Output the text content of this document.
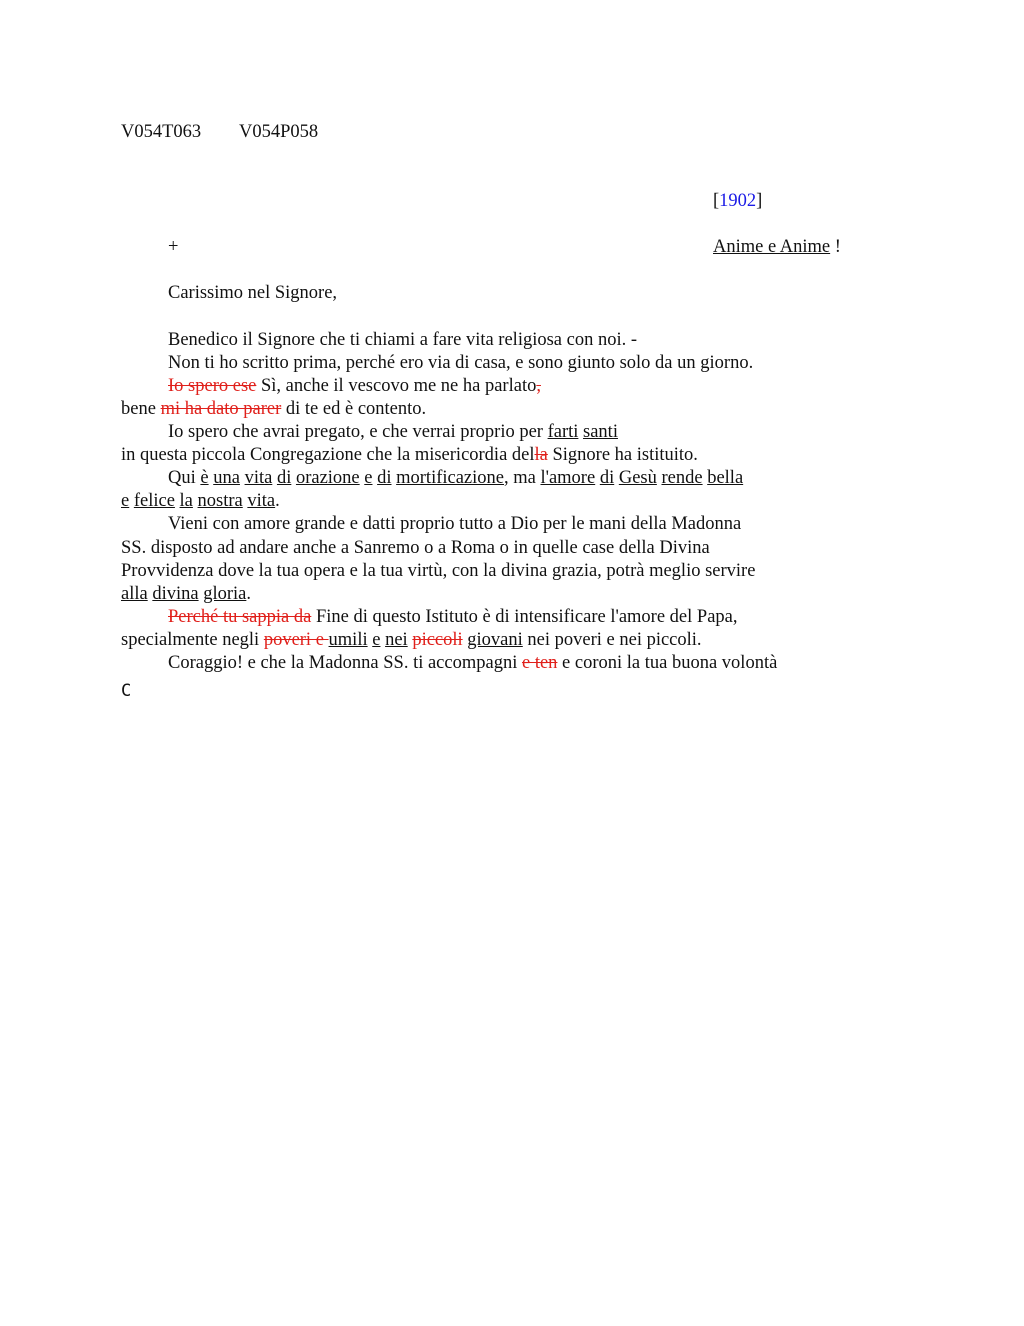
V054T063 V054P058
[1902]
+	Anime e Anime !
Carissimo nel Signore,
Benedico il Signore che ti chiami a fare vita religiosa con noi. -
Non ti ho scritto prima, perché ero via di casa, e sono giunto solo da un giorno.
Io spero ese Sì, anche il vescovo me ne ha parlato,
bene mi ha dato parer di te ed è contento.
Io spero che avrai pregato, e che verrai proprio per farti santi
in questa piccola Congregazione che la misericordia della Signore ha istituito.
Qui è una vita di orazione e di mortificazione, ma l'amore di Gesù rende bella
e felice la nostra vita.
Vieni con amore grande e datti proprio tutto a Dio per le mani della Madonna
SS. disposto ad andare anche a Sanremo o a Roma o in quelle case della Divina
Provvidenza dove la tua opera e la tua virtù, con la divina grazia, potrà meglio servire
alla divina gloria.
Perché tu sappia da Fine di questo Istituto è di intensificare l'amore del Papa,
specialmente negli poveri e umili e nei piccoli giovani nei poveri e nei piccoli.
Coraggio! e che la Madonna SS. ti accompagni e ten e coroni la tua buona volontà
C
